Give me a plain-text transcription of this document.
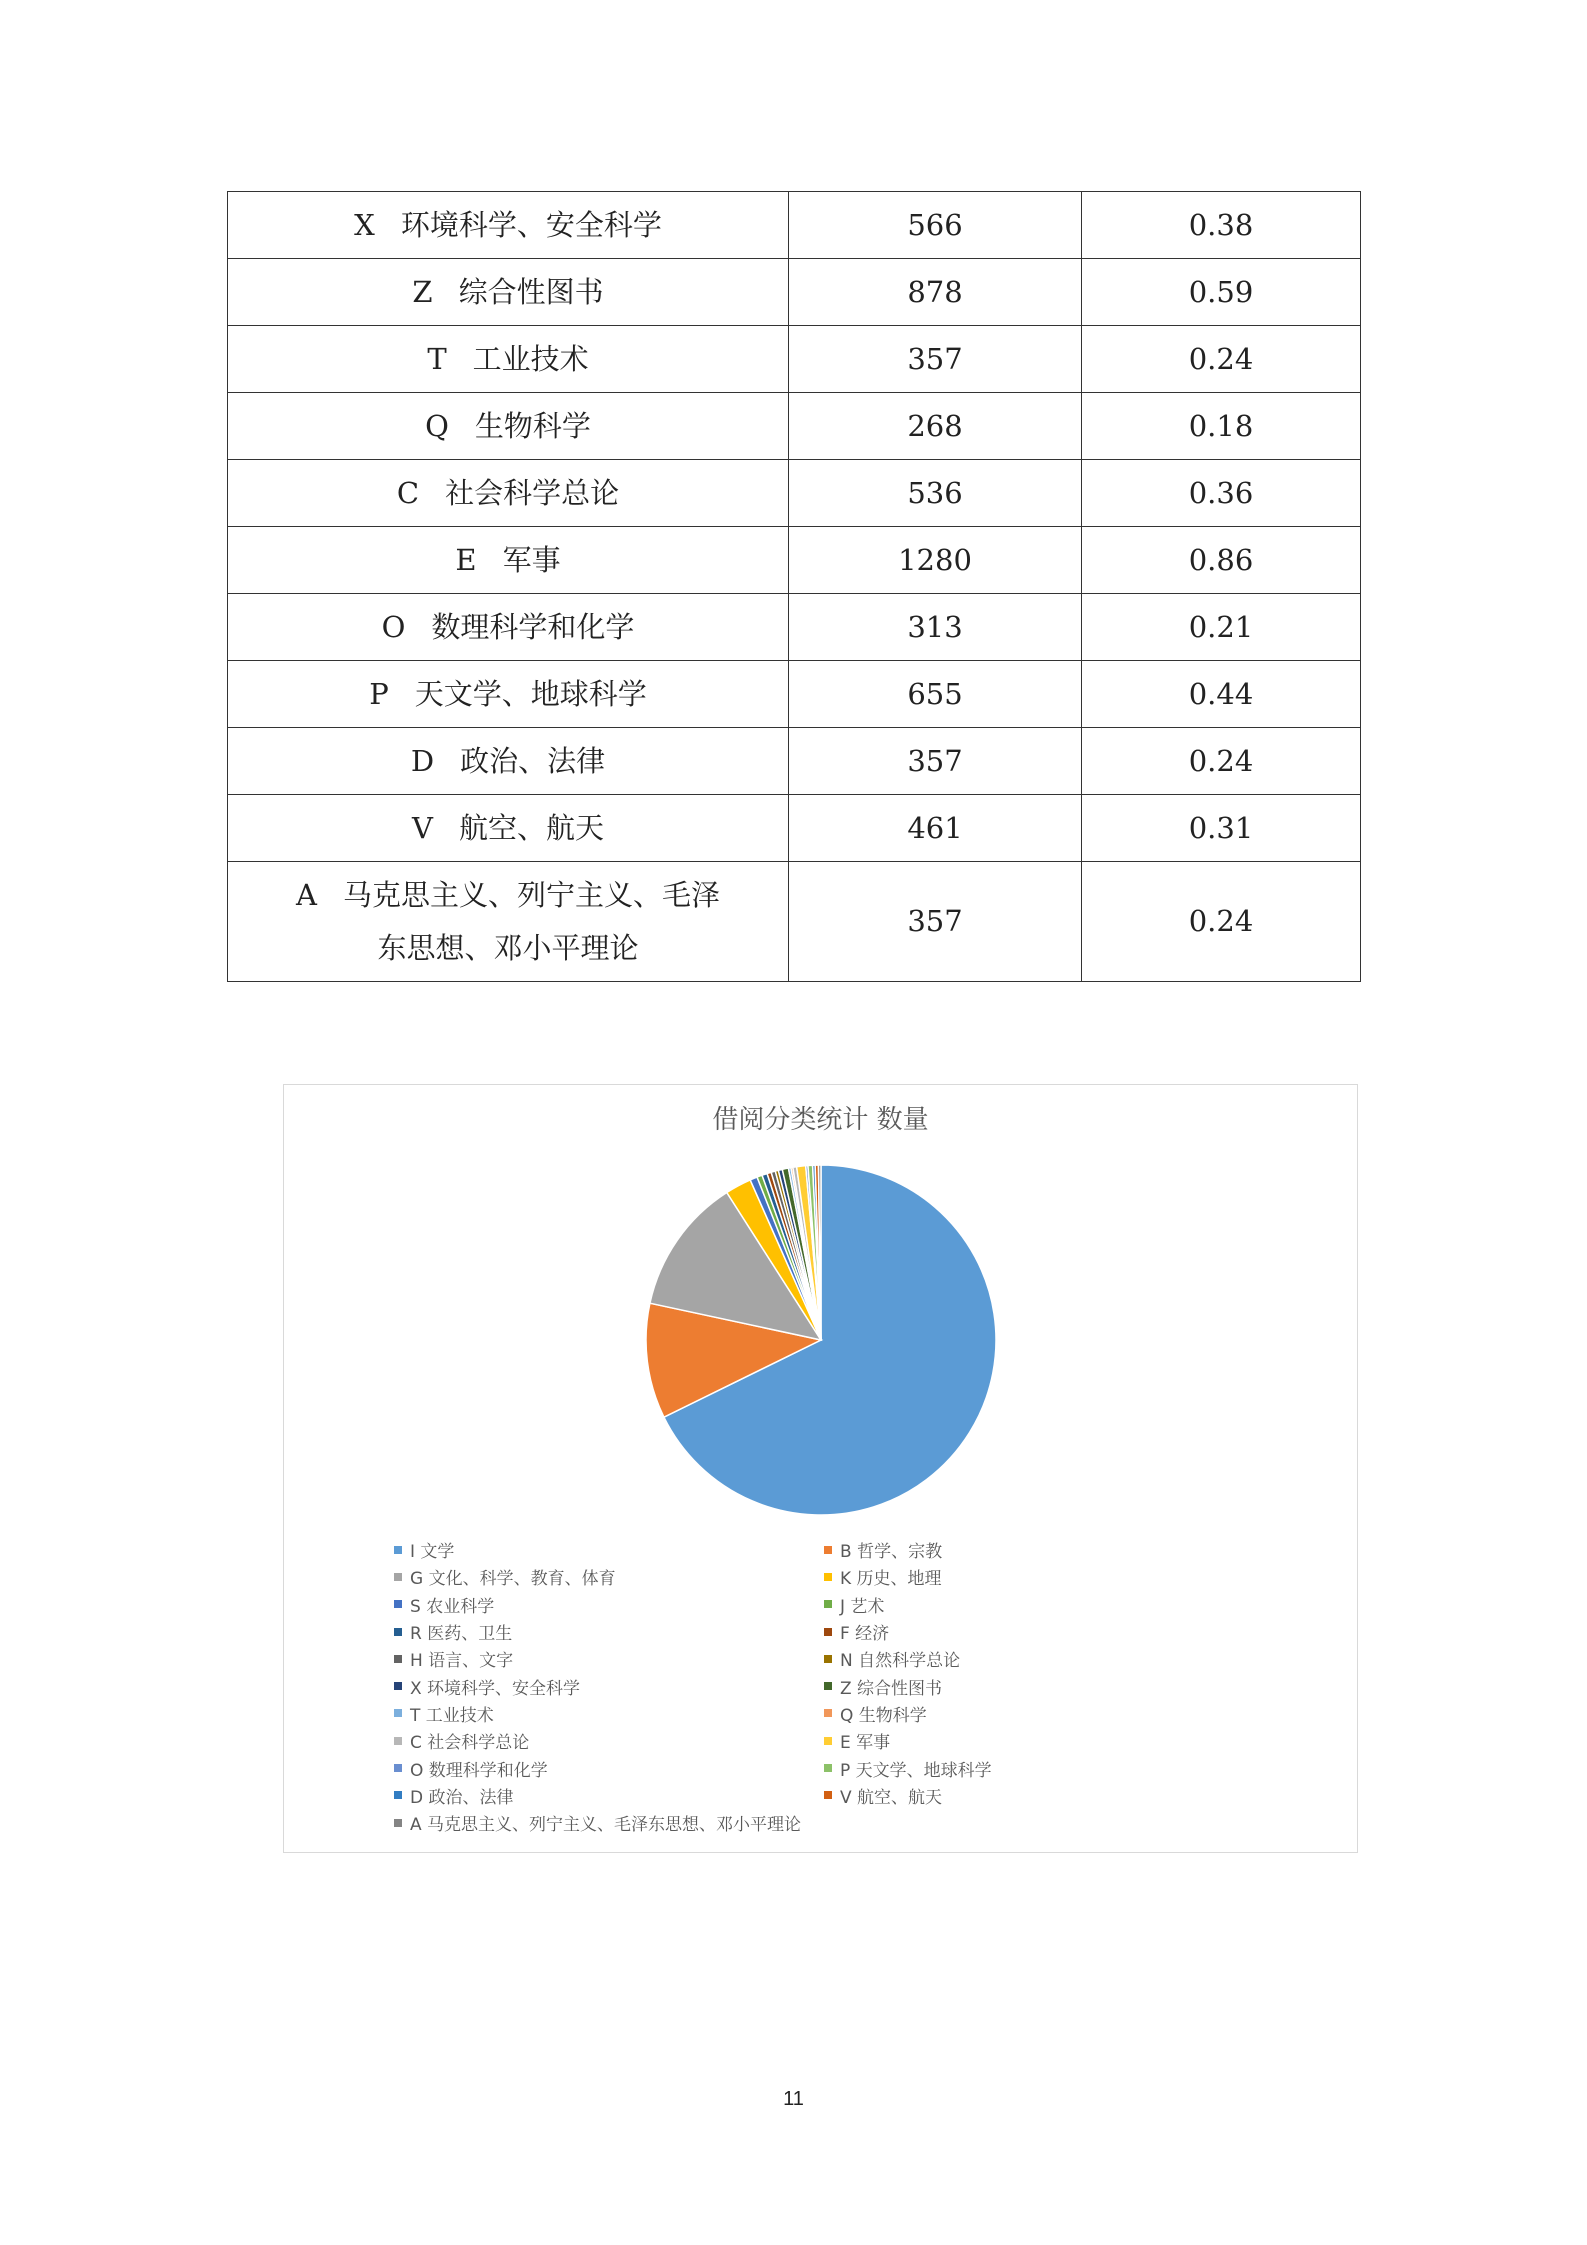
X 环境科学、安全科学	566	0.38
Z 综合性图书	878	0.59
T 工业技术	357	0.24
Q 生物科学	268	0.18
C 社会科学总论	536	0.36
E 军事	1280	0.86
O 数理科学和化学	313	0.21
P 天文学、地球科学	655	0.44
D 政治、法律	357	0.24
V 航空、航天	461	0.31

A 马克思主义、列宁主义、毛泽
东思想、邓小平理论	357	0.24
借阅分类统计 数量
I 文学	B 哲学、宗教
G 文化、科学、教育、体育	K 历史、地理
S 农业科学	J 艺术
R 医药、卫生	F 经济
H 语言、文字	N 自然科学总论
X 环境科学、安全科学	Z 综合性图书
T 工业技术	Q 生物科学
C 社会科学总论	E 军事
O 数理科学和化学	P 天文学、地球科学
D 政治、法律	V 航空、航天
A 马克思主义、列宁主义、毛泽东思想、邓小平理论
11
